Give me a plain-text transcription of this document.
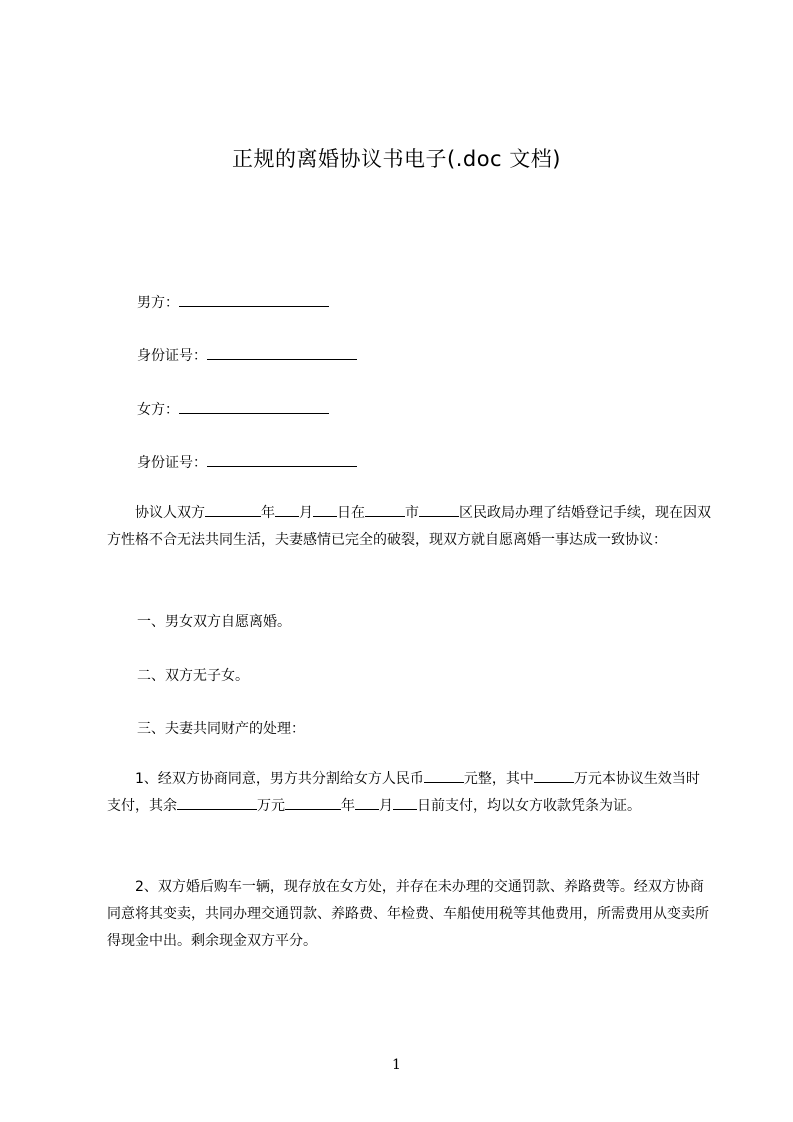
正规的离婚协议书电子(.doc 文档)
男方：
身份证号：
女方：
身份证号：
协议人双方	年 月 日在	市	区民政局办理了结婚登记手续，现在因双方性格不合无法共同生活，夫妻感情已完全的破裂，现双方就自愿离婚一事达成一致协议：
一、男女双方自愿离婚。
二、双方无子女。
三、夫妻共同财产的处理：
1、经双方协商同意，男方共分割给女方人民币	元整，其中	万元本协议生效当时支付，其余	万元	年 月 日前支付，均以女方收款凭条为证。
2、双方婚后购车一辆，现存放在女方处，并存在未办理的交通罚款、养路费等。经双方协商同意将其变卖，共同办理交通罚款、养路费、年检费、车船使用税等其他费用，所需费用从变卖所得现金中出。剩余现金双方平分。
1
